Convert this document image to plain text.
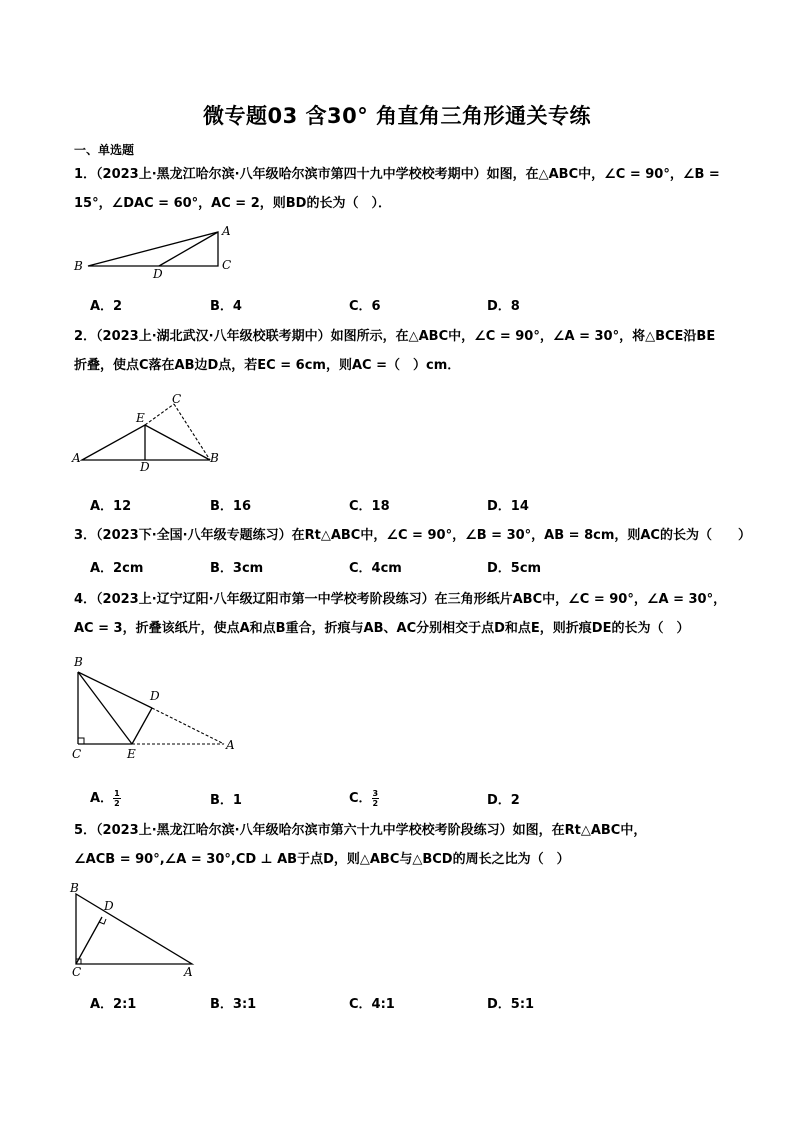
微专题03 含30° 角直角三角形通关专练
一、单选题
1．（2023上·黑龙江哈尔滨·八年级哈尔滨市第四十九中学校校考期中）如图，在△ABC中，∠C = 90°，∠B =
15°，∠DAC = 60°，AC = 2，则BD的长为（　）．
A
B	C
D
A．2	B．4	C．6	D．8
2．（2023上·湖北武汉·八年级校联考期中）如图所示，在△ABC中，∠C = 90°，∠A = 30°，将△BCE沿BE
折叠，使点C落在AB边D点，若EC = 6cm，则AC =（　）cm．
A	B
C
D
E
A．12	B．16	C．18	D．14
3．（2023下·全国·八年级专题练习）在Rt△ABC中，∠C = 90°，∠B = 30°，AB = 8cm，则AC的长为（　　）
A．2cm	B．3cm	C．4cm	D．5cm
4．（2023上·辽宁辽阳·八年级辽阳市第一中学校考阶段练习）在三角形纸片ABC中，∠C = 90°，∠A = 30°，
AC = 3，折叠该纸片，使点A和点B重合，折痕与AB、AC分别相交于点D和点E，则折痕DE的长为（　）
A
B
C
D
E
A． $\frac{1}{2}$	B．1	C． $\frac{3}{2}$	D．2
5．（2023上·黑龙江哈尔滨·八年级哈尔滨市第六十九中学校校考阶段练习）如图，在Rt△ABC中，
∠ACB = 90°,∠A = 30°,CD ⊥ AB于点D，则△ABC与△BCD的周长之比为（　）
A
B
C
D
A．2:1	B．3:1	C．4:1	D．5:1
